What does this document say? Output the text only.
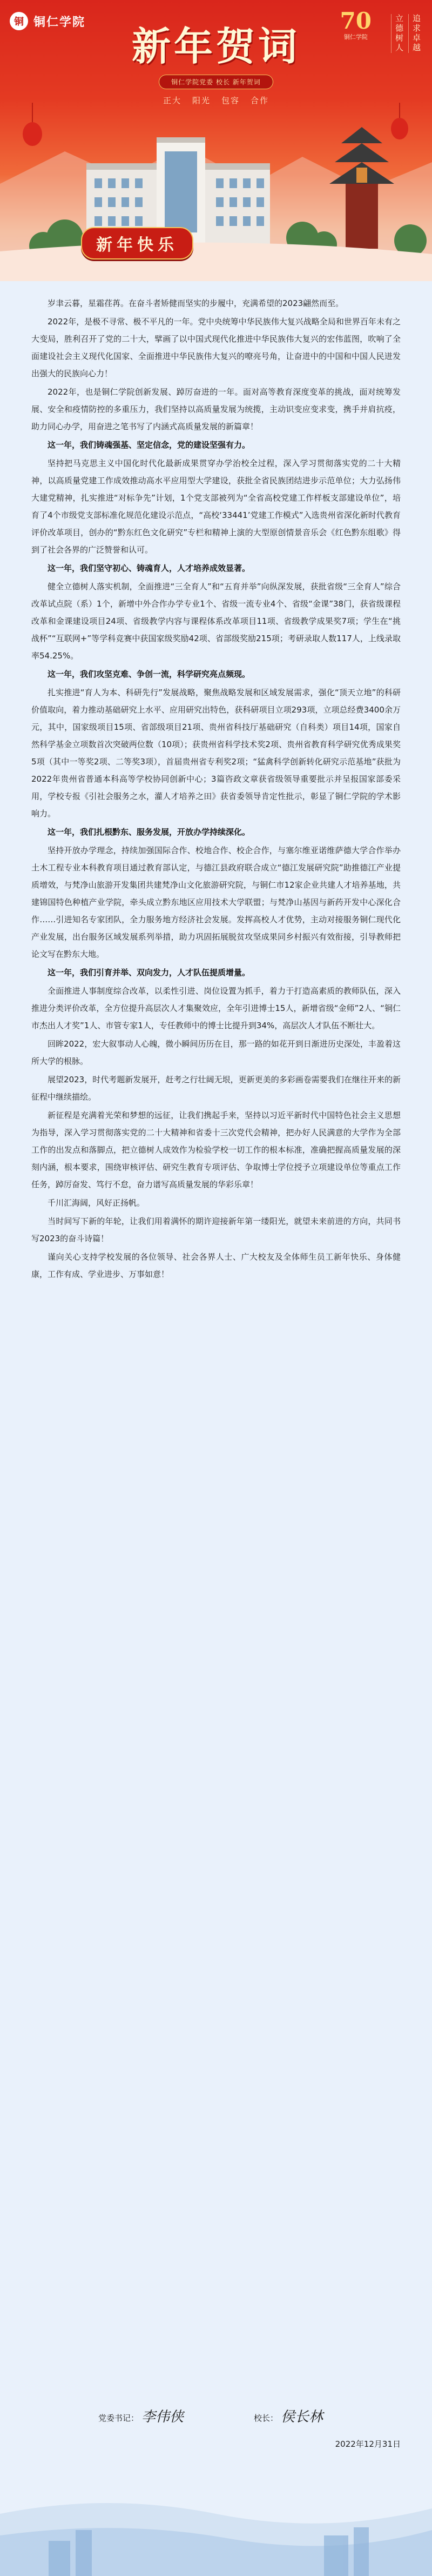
铜 铜仁学院	70
铜仁学院	立德树人 追求卓越
新年贺词
铜仁学院党委 校长 新年贺词
正大 阳光 包容 合作
新年快乐

岁聿云暮，星霜荏苒。在奋斗者矫健而坚实的步履中，充满希望的2023翩然而至。

2022年，是极不寻常、极不平凡的一年。党中央统筹中华民族伟大复兴战略全局和世界百年未有之大变局，胜利召开了党的二十大，擘画了以中国式现代化推进中华民族伟大复兴的宏伟蓝图，吹响了全面建设社会主义现代化国家、全面推进中华民族伟大复兴的嘹亮号角，让奋进中的中国和中国人民迸发出强大的民族向心力！

2022年，也是铜仁学院创新发展、踔厉奋进的一年。面对高等教育深度变革的挑战，面对统筹发展、安全和疫情防控的多重压力，我们坚持以高质量发展为统揽，主动识变应变求变，携手并肩抗疫，助力同心办学，用奋进之笔书写了内涵式高质量发展的新篇章！

这一年，我们铸魂强基、坚定信念，党的建设坚强有力。

坚持把马克思主义中国化时代化最新成果贯穿办学治校全过程，深入学习贯彻落实党的二十大精神，以高质量党建工作成效推动高水平应用型大学建设，获批全省民族团结进步示范单位；大力弘扬伟大建党精神，扎实推进“对标争先”计划，1个党支部被列为“全省高校党建工作样板支部建设单位”，培育了4个市级党支部标准化规范化建设示范点，“高校‘33441’党建工作模式”入选贵州省深化新时代教育评价改革项目，创办的“黔东红色文化研究”专栏和精神上演的大型原创情景音乐会《红色黔东组歌》得到了社会各界的广泛赞誉和认可。

这一年，我们坚守初心、铸魂育人，人才培养成效显著。

健全立德树人落实机制，全面推进“三全育人”和“五育并举”向纵深发展，获批省级“三全育人”综合改革试点院（系）1个，新增中外合作办学专业1个、省级一流专业4个、省级“金课”38门，获省级课程改革和金课建设项目24项、省级教学内容与课程体系改革项目11项、省级教学成果奖7项；学生在“挑战杯”“互联网+”等学科竞赛中获国家级奖励42项、省部级奖励215项；考研录取人数117人，上线录取率54.25%。

这一年，我们攻坚克难、争创一流，科学研究亮点频现。

扎实推进“育人为本、科研先行”发展战略，聚焦战略发展和区域发展需求，强化“顶天立地”的科研价值取向，着力推动基础研究上水平、应用研究出特色，获科研项目立项293项，立项总经费3400余万元，其中，国家级项目15项、省部级项目21项、贵州省科技厅基础研究（自科类）项目14项，国家自然科学基金立项数首次突破两位数（10项）；获贵州省科学技术奖2项、贵州省教育科学研究优秀成果奖5项（其中一等奖2项、二等奖3项），首届贵州省专利奖2项；“猛禽科学创新转化研究示范基地”获批为2022年贵州省普通本科高等学校协同创新中心；3篇咨政文章获省级领导重要批示并呈报国家部委采用，学校专报《引社会服务之水，灌人才培养之田》获省委领导肯定性批示，彰显了铜仁学院的学术影响力。

这一年，我们扎根黔东、服务发展，开放办学持续深化。

坚持开放办学理念，持续加强国际合作、校地合作、校企合作，与塞尔维亚诺维萨德大学合作举办土木工程专业本科教育项目通过教育部认定，与德江县政府联合成立“德江发展研究院”助推德江产业提质增效，与梵净山旅游开发集团共建梵净山文化旅游研究院，与铜仁市12家企业共建人才培养基地，共建锦国特色种植产业学院，牵头成立黔东地区应用技术大学联盟；与梵净山基因与新药开发中心深化合作……引进知名专家团队，全力服务地方经济社会发展。发挥高校人才优势，主动对接服务铜仁现代化产业发展，出台服务区域发展系列举措，助力巩固拓展脱贫攻坚成果同乡村振兴有效衔接，引导教师把论文写在黔东大地。

这一年，我们引育并举、双向发力，人才队伍提质增量。

全面推进人事制度综合改革，以柔性引进、岗位设置为抓手，着力于打造高素质的教师队伍，深入推进分类评价改革，全方位提升高层次人才集聚效应，全年引进博士15人，新增省级“金师”2人、“铜仁市杰出人才奖”1人、市管专家1人，专任教师中的博士比提升到34%，高层次人才队伍不断壮大。

回眸2022，宏大叙事动人心魄，微小瞬间历历在目，那一路的如花开到日渐进历史深处，丰盈着这所大学的根脉。

展望2023，时代考题新发展开，赶考之行壮阔无垠，更新更美的多彩画卷需要我们在继往开来的新征程中继续描绘。

新征程是充满着光荣和梦想的远征，让我们携起手来，坚持以习近平新时代中国特色社会主义思想为指导，深入学习贯彻落实党的二十大精神和省委十三次党代会精神，把办好人民满意的大学作为全部工作的出发点和落脚点，把立德树人成效作为检验学校一切工作的根本标准，准确把握高质量发展的深刻内涵，根本要求，围绕审核评估、研究生教育专项评估、争取博士学位授予立项建设单位等重点工作任务，踔厉奋发、笃行不怠，奋力谱写高质量发展的华彩乐章！

千川汇海阔，风好正扬帆。

当时间写下新的年轮，让我们用着满怀的期许迎接新年第一缕阳光，就望未来前进的方向，共同书写2023的奋斗诗篇！

谨向关心支持学校发展的各位领导、社会各界人士、广大校友及全体师生员工新年快乐、身体健康，工作有成、学业进步、万事如意！

党委书记： 李伟侠	校长： 侯长林
2022年12月31日
